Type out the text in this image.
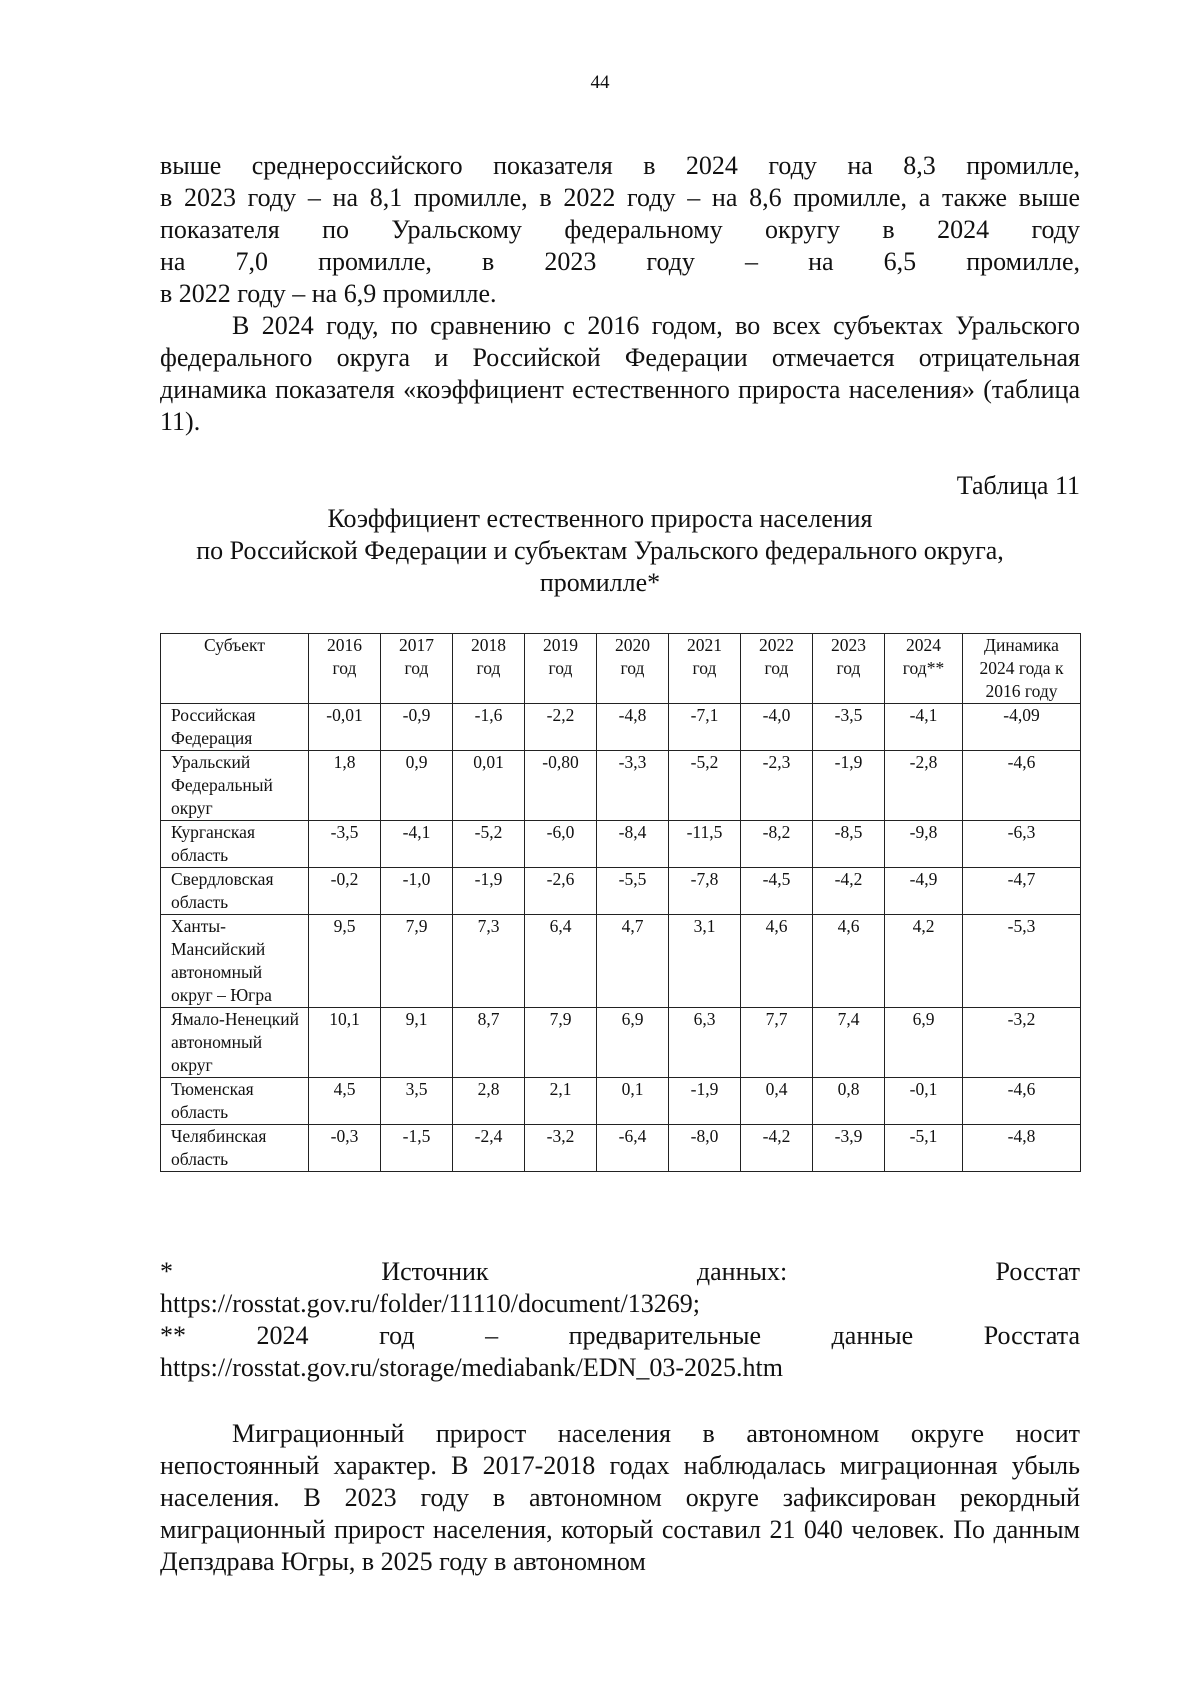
44
выше среднероссийского показателя в 2024 году на 8,3 промилле,
в 2023 году – на 8,1 промилле, в 2022 году – на 8,6 промилле, а также выше
показателя по Уральскому федеральному округу в 2024 году
на 7,0 промилле, в 2023 году – на 6,5 промилле,
в 2022 году – на 6,9 промилле.

В 2024 году, по сравнению с 2016 годом, во всех субъектах Уральского федерального округа и Российской Федерации отмечается отрицательная динамика показателя «коэффициент естественного прироста населения» (таблица 11).

Таблица 11
Коэффициент естественного прироста населения
по Российской Федерации и субъектам Уральского федерального округа,
промилле*
Субъект	2016 год	2017 год	2018 год	2019 год	2020 год	2021 год	2022 год	2023 год	2024 год**	Динамика 2024 года к 2016 году
Российская Федерация	-0,01	-0,9	-1,6	-2,2	-4,8	-7,1	-4,0	-3,5	-4,1	-4,09
Уральский Федеральный округ	1,8	0,9	0,01	-0,80	-3,3	-5,2	-2,3	-1,9	-2,8	-4,6
Курганская область	-3,5	-4,1	-5,2	-6,0	-8,4	-11,5	-8,2	-8,5	-9,8	-6,3
Свердловская область	-0,2	-1,0	-1,9	-2,6	-5,5	-7,8	-4,5	-4,2	-4,9	-4,7
Ханты-Мансийский автономный округ – Югра	9,5	7,9	7,3	6,4	4,7	3,1	4,6	4,6	4,2	-5,3
Ямало-Ненецкий автономный округ	10,1	9,1	8,7	7,9	6,9	6,3	7,7	7,4	6,9	-3,2
Тюменская область	4,5	3,5	2,8	2,1	0,1	-1,9	0,4	0,8	-0,1	-4,6
Челябинская область	-0,3	-1,5	-2,4	-3,2	-6,4	-8,0	-4,2	-3,9	-5,1	-4,8
* Источник данных: Росстат
https://rosstat.gov.ru/folder/11110/document/13269;
** 2024 год – предварительные данные Росстата
https://rosstat.gov.ru/storage/mediabank/EDN_03-2025.htm

Миграционный прирост населения в автономном округе носит непостоянный характер. В 2017-2018 годах наблюдалась миграционная убыль населения. В 2023 году в автономном округе зафиксирован рекордный миграционный прирост населения, который составил 21 040 человек. По данным Депздрава Югры, в 2025 году в автономном
